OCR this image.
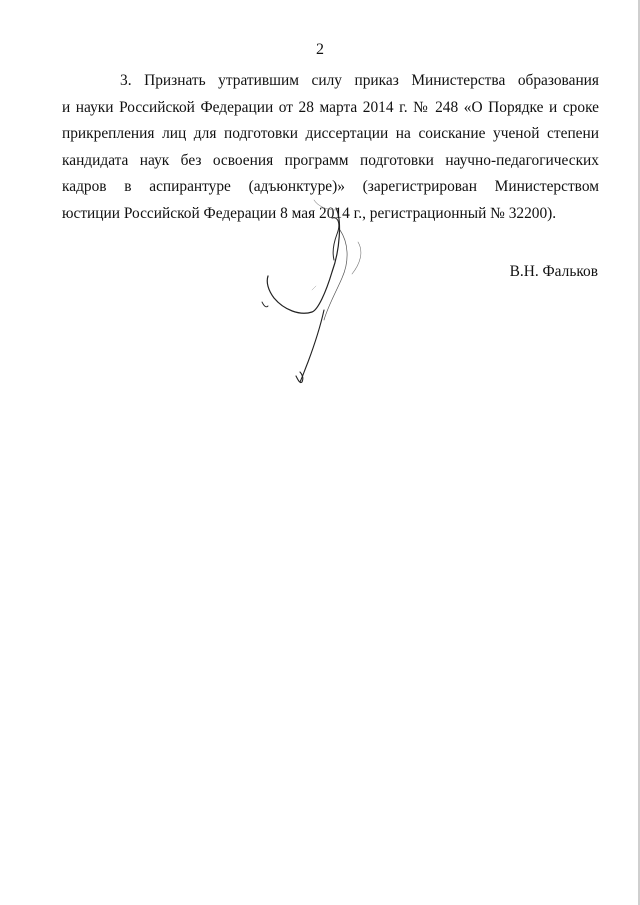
2

3. Признать утратившим силу приказ Министерства образования
и науки Российской Федерации от 28 марта 2014 г. № 248 «О Порядке и сроке
прикрепления лиц для подготовки диссертации на соискание ученой степени
кандидата наук без освоения программ подготовки научно-педагогических
кадров в аспирантуре (адъюнктуре)» (зарегистрирован Министерством
юстиции Российской Федерации 8 мая 2014 г., регистрационный № 32200).

В.Н. Фальков
